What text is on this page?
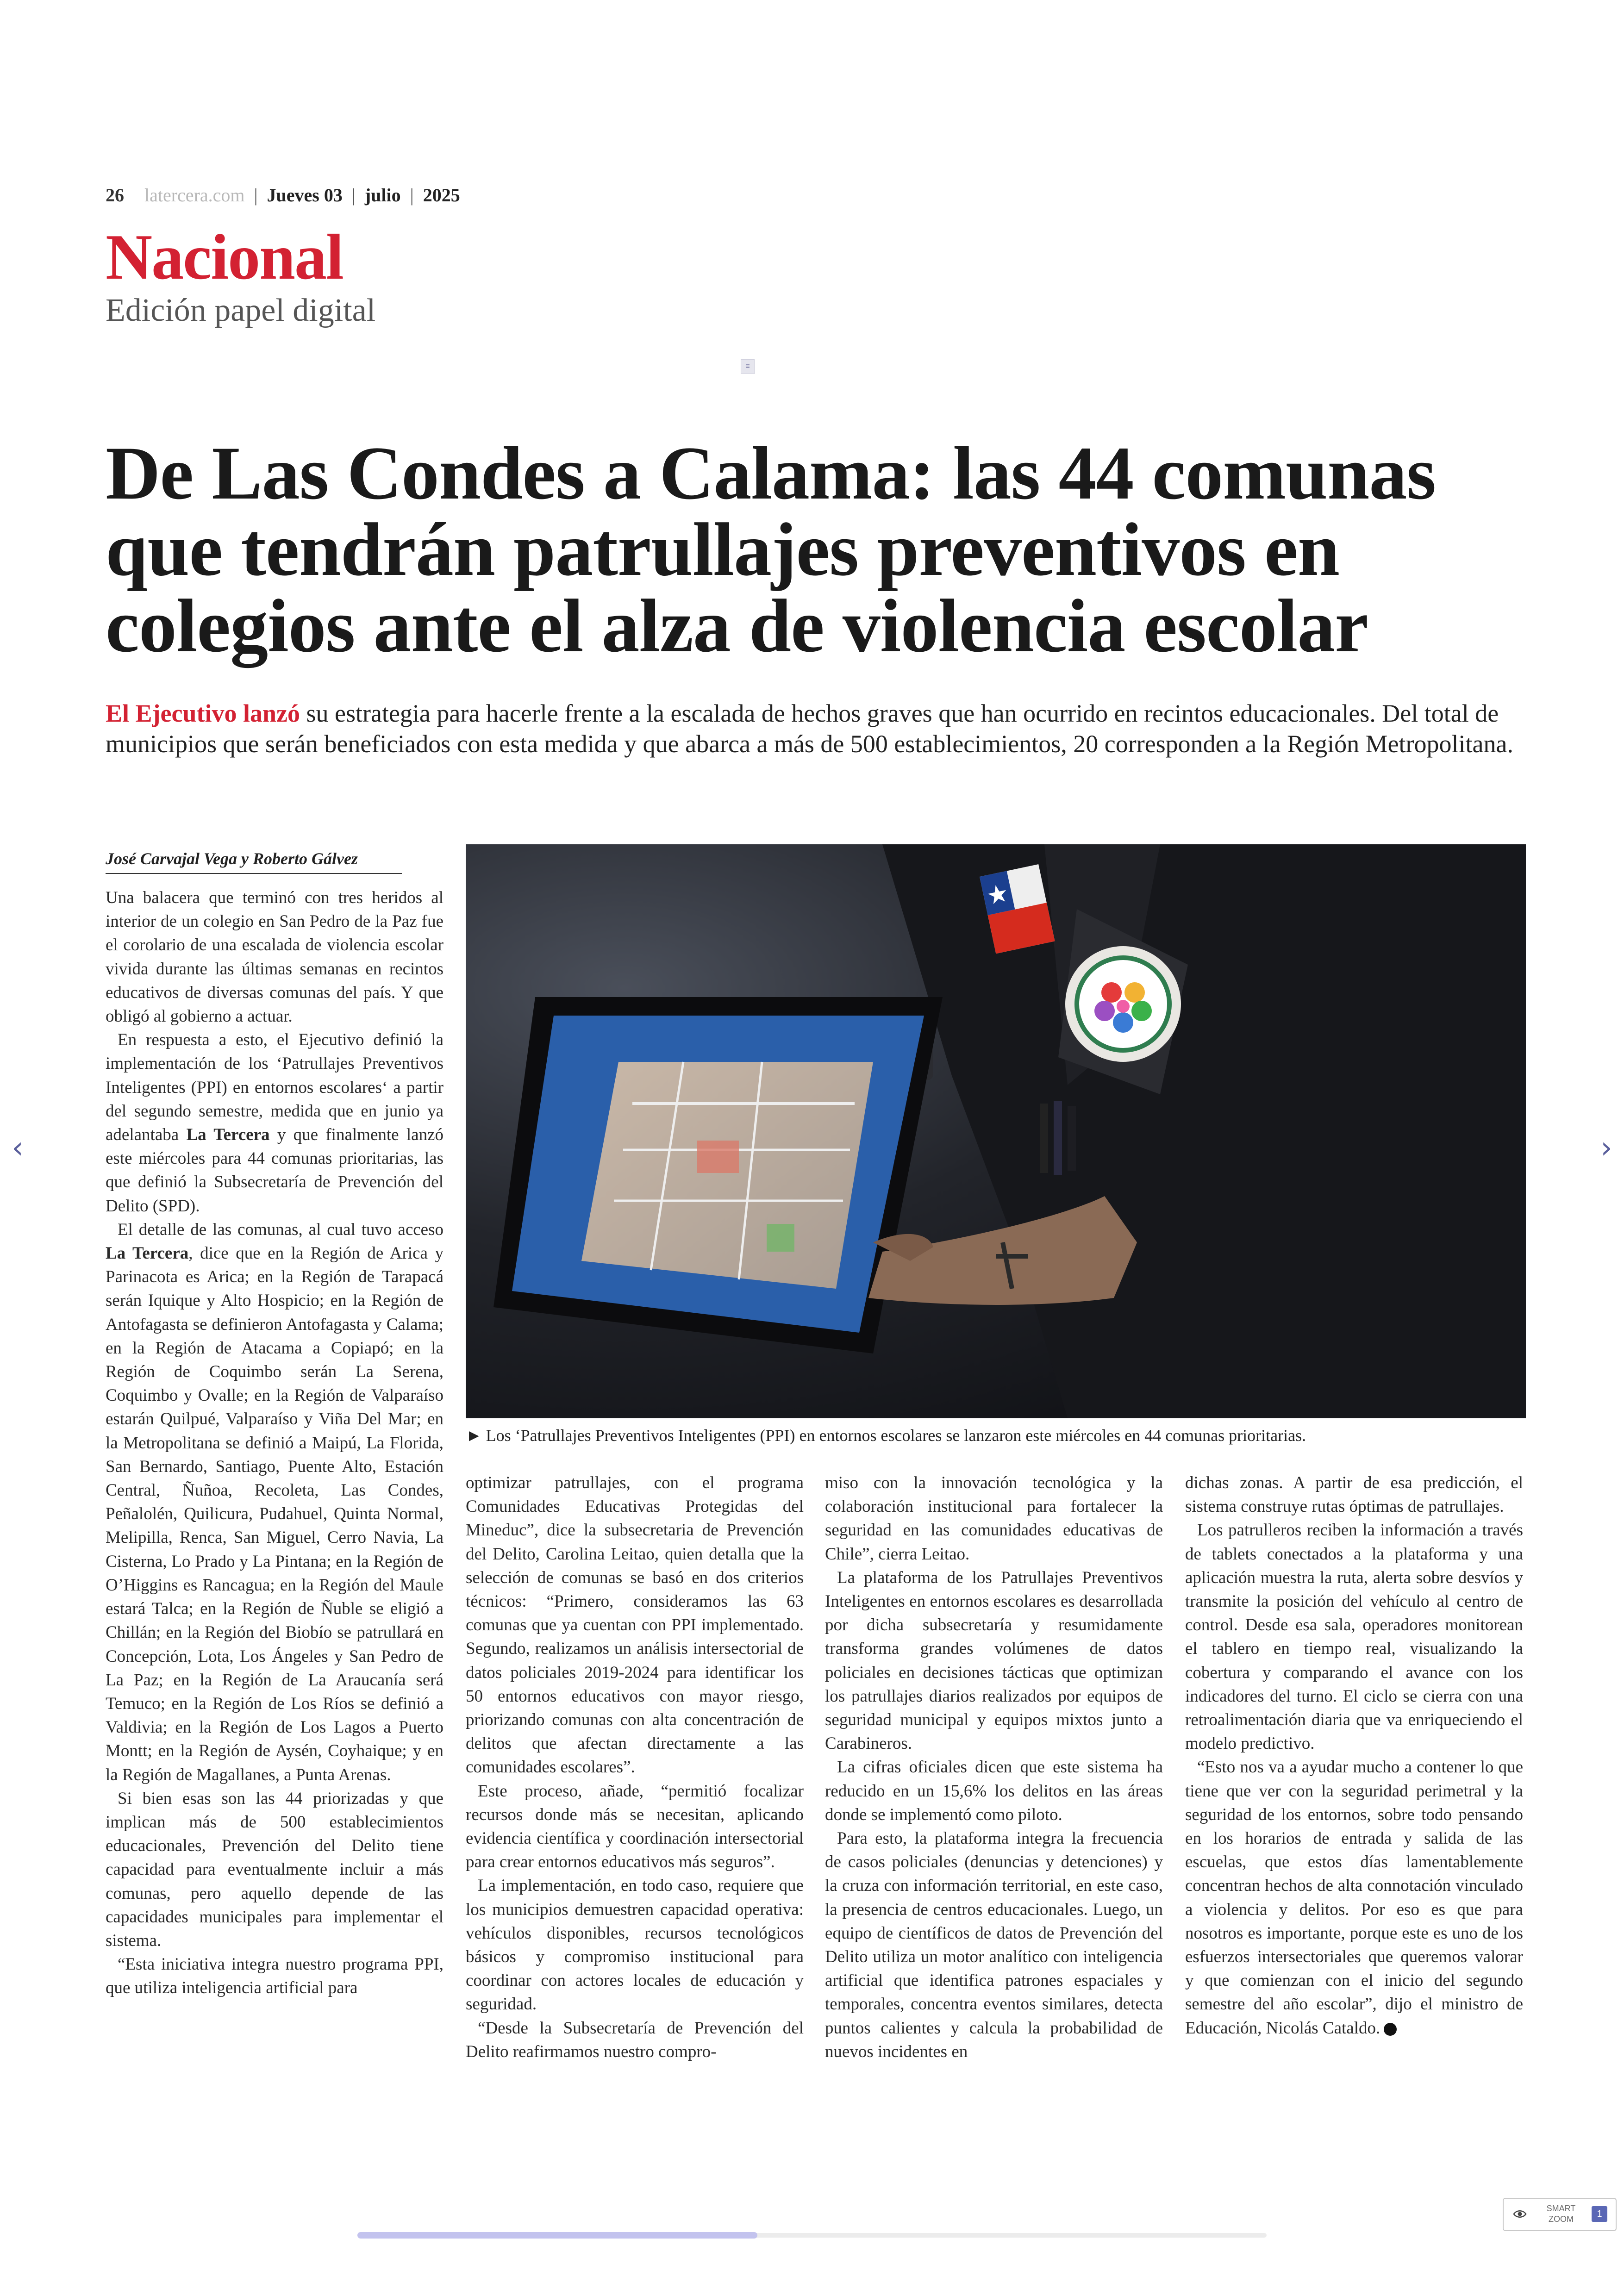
26 latercera.com | Jueves 03 | julio | 2025
Nacional
Edición papel digital
≡
De Las Condes a Calama: las 44 comunas que tendrán patrullajes preventivos en colegios ante el alza de violencia escolar

El Ejecutivo lanzó su estrategia para hacerle frente a la escalada de hechos graves que han ocurrido en recintos educacionales. Del total de municipios que serán beneficiados con esta medida y que abarca a más de 500 establecimientos, 20 corresponden a la Región Metropolitana.

José Carvajal Vega y Roberto Gálvez
► Los ‘Patrullajes Preventivos Inteligentes (PPI) en entornos escolares se lanzaron este miércoles en 44 comunas prioritarias.

Una balacera que terminó con tres heridos al interior de un colegio en San Pedro de la Paz fue el corolario de una escalada de violencia escolar vivida durante las últimas semanas en recintos educativos de diversas comunas del país. Y que obligó al gobierno a actuar.

En respuesta a esto, el Ejecutivo definió la implementación de los ‘Patrullajes Preventivos Inteligentes (PPI) en entornos escolares‘ a partir del segundo semestre, medida que en junio ya adelantaba La Tercera y que finalmente lanzó este miércoles para 44 comunas prioritarias, las que definió la Subsecretaría de Prevención del Delito (SPD).

El detalle de las comunas, al cual tuvo acceso La Tercera, dice que en la Región de Arica y Parinacota es Arica; en la Región de Tarapacá serán Iquique y Alto Hospicio; en la Región de Antofagasta se definieron Antofagasta y Calama; en la Región de Atacama a Copiapó; en la Región de Coquimbo serán La Serena, Coquimbo y Ovalle; en la Región de Valparaíso estarán Quilpué, Valparaíso y Viña Del Mar; en la Metropolitana se definió a Maipú, La Florida, San Bernardo, Santiago, Puente Alto, Estación Central, Ñuñoa, Recoleta, Las Condes, Peñalolén, Quilicura, Pudahuel, Quinta Normal, Melipilla, Renca, San Miguel, Cerro Navia, La Cisterna, Lo Prado y La Pintana; en la Región de O’Higgins es Rancagua; en la Región del Maule estará Talca; en la Región de Ñuble se eligió a Chillán; en la Región del Biobío se patrullará en Concepción, Lota, Los Ángeles y San Pedro de La Paz; en la Región de La Araucanía será Temuco; en la Región de Los Ríos se definió a Valdivia; en la Región de Los Lagos a Puerto Montt; en la Región de Aysén, Coyhaique; y en la Región de Magallanes, a Punta Arenas.

Si bien esas son las 44 priorizadas y que implican más de 500 establecimientos educacionales, Prevención del Delito tiene capacidad para eventualmente incluir a más comunas, pero aquello depende de las capacidades municipales para implementar el sistema.

“Esta iniciativa integra nuestro programa PPI, que utiliza inteligencia artificial para

optimizar patrullajes, con el programa Comunidades Educativas Protegidas del Mineduc”, dice la subsecretaria de Prevención del Delito, Carolina Leitao, quien detalla que la selección de comunas se basó en dos criterios técnicos: “Primero, consideramos las 63 comunas que ya cuentan con PPI implementado. Segundo, realizamos un análisis intersectorial de datos policiales 2019-2024 para identificar los 50 entornos educativos con mayor riesgo, priorizando comunas con alta concentración de delitos que afectan directamente a las comunidades escolares”.

Este proceso, añade, “permitió focalizar recursos donde más se necesitan, aplicando evidencia científica y coordinación intersectorial para crear entornos educativos más seguros”.

La implementación, en todo caso, requiere que los municipios demuestren capacidad operativa: vehículos disponibles, recursos tecnológicos básicos y compromiso institucional para coordinar con actores locales de educación y seguridad.

“Desde la Subsecretaría de Prevención del Delito reafirmamos nuestro compro-

miso con la innovación tecnológica y la colaboración institucional para fortalecer la seguridad en las comunidades educativas de Chile”, cierra Leitao.

La plataforma de los Patrullajes Preventivos Inteligentes en entornos escolares es desarrollada por dicha subsecretaría y resumidamente transforma grandes volúmenes de datos policiales en decisiones tácticas que optimizan los patrullajes diarios realizados por equipos de seguridad municipal y equipos mixtos junto a Carabineros.

La cifras oficiales dicen que este sistema ha reducido en un 15,6% los delitos en las áreas donde se implementó como piloto.

Para esto, la plataforma integra la frecuencia de casos policiales (denuncias y detenciones) y la cruza con información territorial, en este caso, la presencia de centros educacionales. Luego, un equipo de científicos de datos de Prevención del Delito utiliza un motor analítico con inteligencia artificial que identifica patrones espaciales y temporales, concentra eventos similares, detecta puntos calientes y calcula la probabilidad de nuevos incidentes en

dichas zonas. A partir de esa predicción, el sistema construye rutas óptimas de patrullajes.

Los patrulleros reciben la información a través de tablets conectados a la plataforma y una aplicación muestra la ruta, alerta sobre desvíos y transmite la posición del vehículo al centro de control. Desde esa sala, operadores monitorean el tablero en tiempo real, visualizando la cobertura y comparando el avance con los indicadores del turno. El ciclo se cierra con una retroalimentación diaria que va enriqueciendo el modelo predictivo.

“Esto nos va a ayudar mucho a contener lo que tiene que ver con la seguridad perimetral y la seguridad de los entornos, sobre todo pensando en los horarios de entrada y salida de las escuelas, que estos días lamentablemente concentran hechos de alta connotación vinculado a violencia y delitos. Por eso es que para nosotros es importante, porque este es uno de los esfuerzos intersectoriales que queremos valorar y que comienzan con el inicio del segundo semestre del año escolar”, dijo el ministro de Educación, Nicolás Cataldo.

‹	›
SMART
ZOOM	1
